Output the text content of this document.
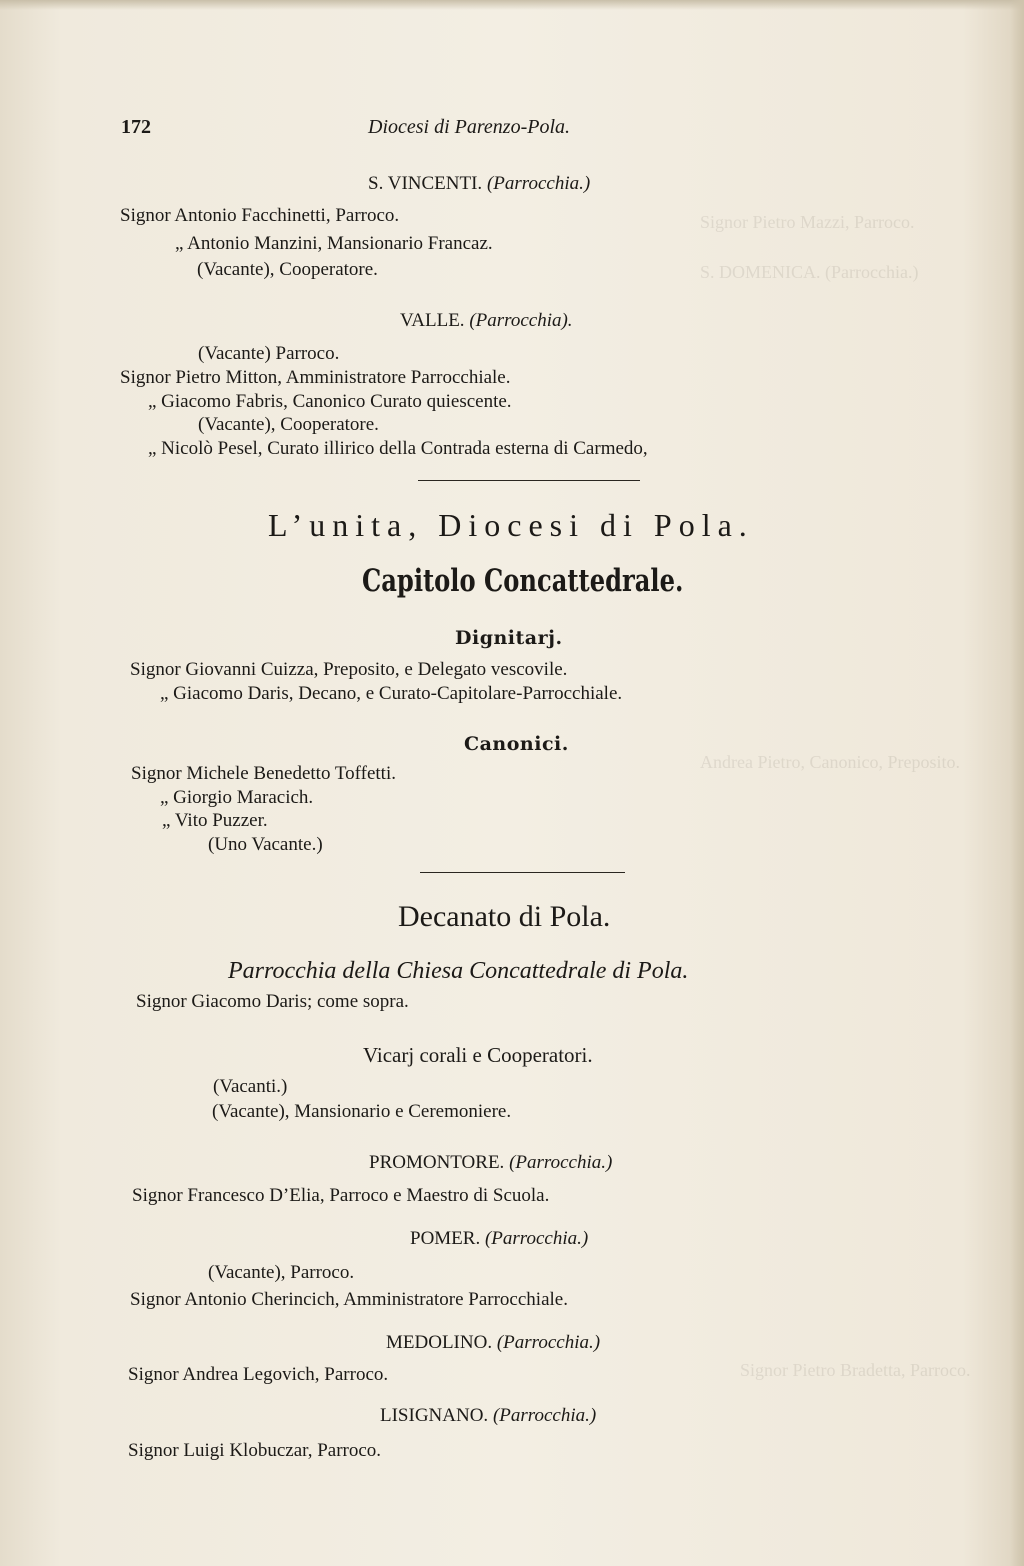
Signor Pietro Mazzi, Parroco.
S. DOMENICA. (Parrocchia.)
Andrea Pietro, Canonico, Preposito.
Signor Pietro Bradetta, Parroco.
172	Diocesi di Parenzo-Pola.
S. VINCENTI. (Parrocchia.)
Signor Antonio Facchinetti, Parroco.
„ Antonio Manzini, Mansionario Francaz.
(Vacante), Cooperatore.
VALLE. (Parrocchia).
(Vacante) Parroco.
Signor Pietro Mitton, Amministratore Parrocchiale.
„ Giacomo Fabris, Canonico Curato quiescente.
(Vacante), Cooperatore.
„ Nicolò Pesel, Curato illirico della Contrada esterna di Carmedo,
L’unita, Diocesi di Pola.
Capitolo Concattedrale.
Dignitarj.
Signor Giovanni Cuizza, Preposito, e Delegato vescovile.
„ Giacomo Daris, Decano, e Curato-Capitolare-Parrocchiale.
Canonici.
Signor Michele Benedetto Toffetti.
„ Giorgio Maracich.
„ Vito Puzzer.
(Uno Vacante.)
Decanato di Pola.
Parrocchia della Chiesa Concattedrale di Pola.
Signor Giacomo Daris; come sopra.
Vicarj corali e Cooperatori.
(Vacanti.)
(Vacante), Mansionario e Ceremoniere.
PROMONTORE. (Parrocchia.)
Signor Francesco D’Elia, Parroco e Maestro di Scuola.
POMER. (Parrocchia.)
(Vacante), Parroco.
Signor Antonio Cherincich, Amministratore Parrocchiale.
MEDOLINO. (Parrocchia.)
Signor Andrea Legovich, Parroco.
LISIGNANO. (Parrocchia.)
Signor Luigi Klobuczar, Parroco.
